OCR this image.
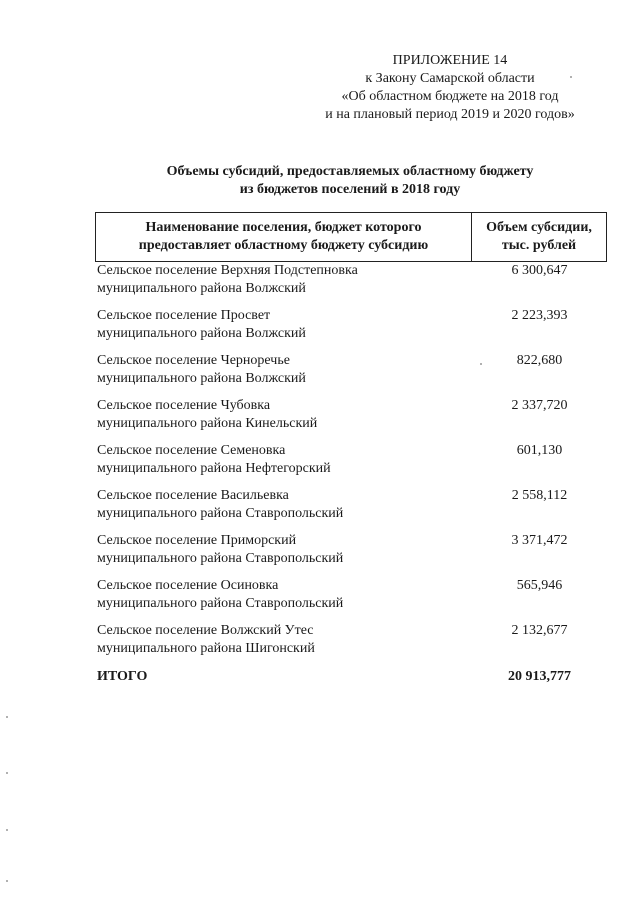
ПРИЛОЖЕНИЕ 14
к Закону Самарской области
«Об областном бюджете на 2018 год
и на плановый период 2019 и 2020 годов»
Объемы субсидий, предоставляемых областному бюджету
из бюджетов поселений в 2018 году
Наименование поселения, бюджет которого
предоставляет областному бюджету субсидию
Объем субсидии,
тыс. рублей
Сельское поселение Верхняя Подстепновка
муниципального района Волжский
6 300,647
Сельское поселение Просвет
муниципального района Волжский
2 223,393
Сельское поселение Черноречье
муниципального района Волжский
822,680
Сельское поселение Чубовка
муниципального района Кинельский
2 337,720
Сельское поселение Семеновка
муниципального района Нефтегорский
601,130
Сельское поселение Васильевка
муниципального района Ставропольский
2 558,112
Сельское поселение Приморский
муниципального района Ставропольский
3 371,472
Сельское поселение Осиновка
муниципального района Ставропольский
565,946
Сельское поселение Волжский Утес
муниципального района Шигонский
2 132,677
ИТОГО	20 913,777
